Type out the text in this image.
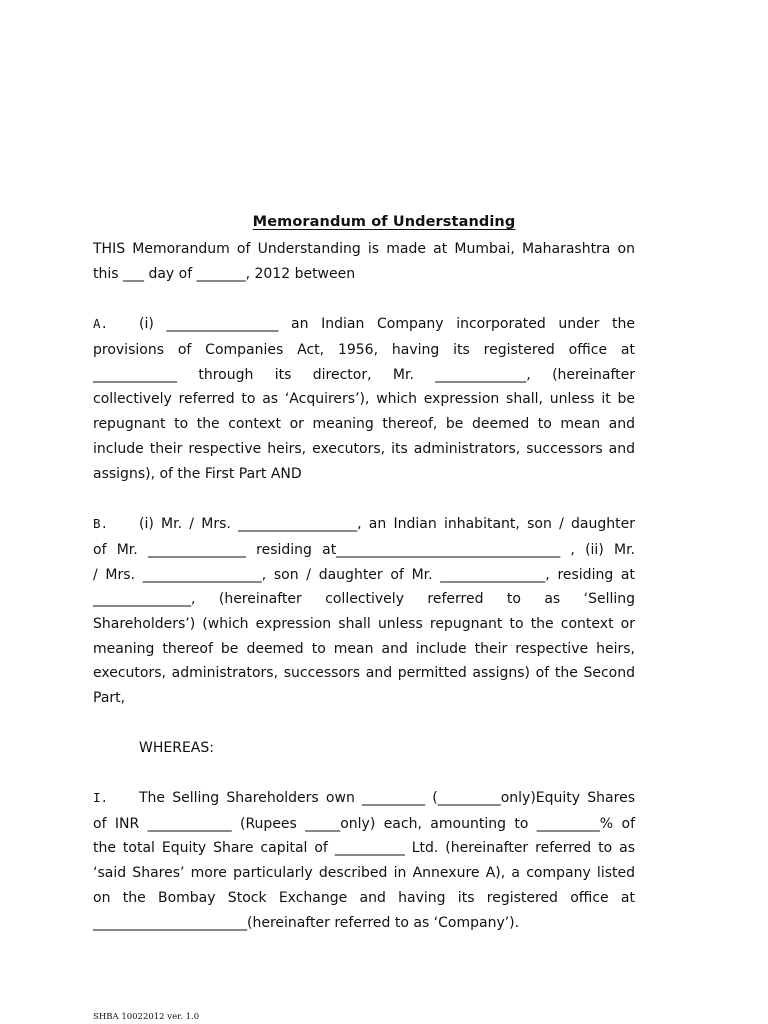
Memorandum of Understanding
THIS Memorandum of Understanding is made at Mumbai, Maharashtra on
this ___ day of _______, 2012 between
A. (i) ________________ an Indian Company incorporated under the
provisions of Companies Act, 1956, having its registered office at
____________ through its director, Mr. _____________, (hereinafter
collectively referred to as ‘Acquirers’), which expression shall, unless it be
repugnant to the context or meaning thereof, be deemed to mean and
include their respective heirs, executors, its administrators, successors and
assigns), of the First Part AND
B. (i) Mr. / Mrs. _________________, an Indian inhabitant, son / daughter
of Mr. ______________ residing at________________________________ , (ii) Mr.
/ Mrs. _________________, son / daughter of Mr. _______________, residing at
______________, (hereinafter collectively referred to as ‘Selling
Shareholders’) (which expression shall unless repugnant to the context or
meaning thereof be deemed to mean and include their respective heirs,
executors, administrators, successors and permitted assigns) of the Second
Part,
WHEREAS:
I. The Selling Shareholders own _________ (_________only)Equity Shares
of INR ____________ (Rupees _____only) each, amounting to _________% of
the total Equity Share capital of __________ Ltd. (hereinafter referred to as
‘said Shares’ more particularly described in Annexure A), a company listed
on the Bombay Stock Exchange and having its registered office at
______________________(hereinafter referred to as ‘Company’).
SHBA 10022012 ver. 1.0
